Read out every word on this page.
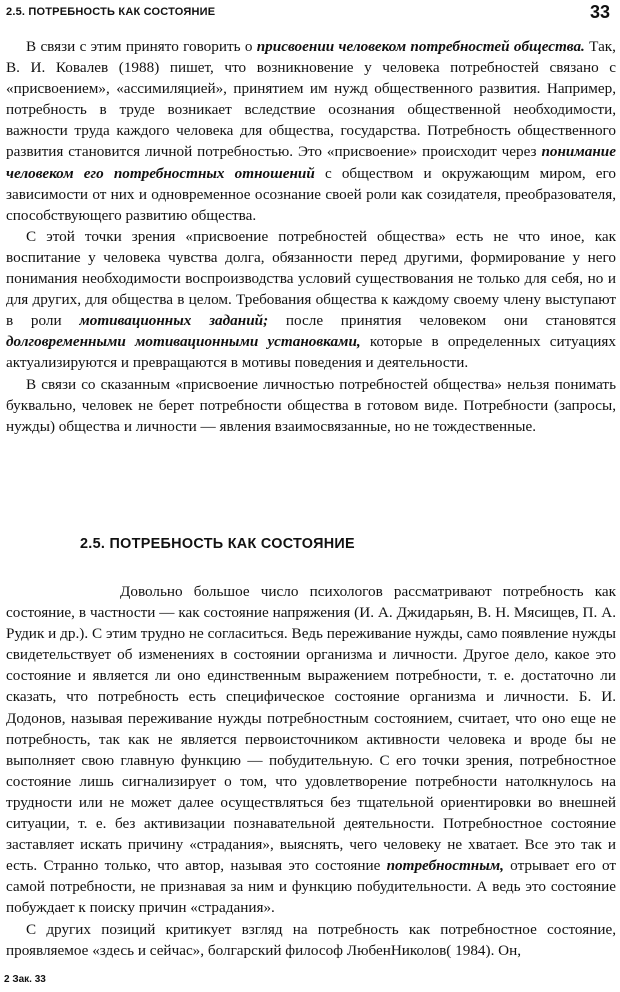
2.5. ПОТРЕБНОСТЬ КАК СОСТОЯНИЕ	33

В связи с этим принято говорить о присвоении человеком потребностей общества. Так, В. И. Ковалев (1988) пишет, что возникновение у человека потребностей связано с «присвоением», «ассимиляцией», принятием им нужд общественного развития. Например, потребность в труде возникает вследствие осознания общественной необходимости, важности труда каждого человека для общества, государства. Потребность общественного развития становится личной потребностью. Это «присвоение» происходит через понимание человеком его потребностных отношений с обществом и окружающим миром, его зависимости от них и одновременное осознание своей роли как созидателя, преобразователя, способствующего развитию общества.

С этой точки зрения «присвоение потребностей общества» есть не что иное, как воспитание у человека чувства долга, обязанности перед другими, формирование у него понимания необходимости воспроизводства условий существования не только для себя, но и для других, для общества в целом. Требования общества к каждому своему члену выступают в роли мотивационных заданий; после принятия человеком они становятся долговременными мотивационными установками, которые в определенных ситуациях актуализируются и превращаются в мотивы поведения и деятельности.

В связи со сказанным «присвоение личностью потребностей общества» нельзя понимать буквально, человек не берет потребности общества в готовом виде. Потребности (запросы, нужды) общества и личности — явления взаимосвязанные, но не тождественные.

2.5. ПОТРЕБНОСТЬ КАК СОСТОЯНИЕ

Довольно большое число психологов рассматривают потребность как состояние, в частности — как состояние напряжения (И. А. Джидарьян, В. Н. Мясищев, П. А. Рудик и др.). С этим трудно не согласиться. Ведь переживание нужды, само появление нужды свидетельствует об изменениях в состоянии организма и личности. Другое дело, какое это состояние и является ли оно единственным выражением потребности, т. е. достаточно ли сказать, что потребность есть специфическое состояние организма и личности. Б. И. Додонов, называя переживание нужды потребностным состоянием, считает, что оно еще не потребность, так как не является первоисточником активности человека и вроде бы не выполняет свою главную функцию — побудительную. С его точки зрения, потребностное состояние лишь сигнализирует о том, что удовлетворение потребности натолкнулось на трудности или не может далее осуществляться без тщательной ориентировки во внешней ситуации, т. е. без активизации познавательной деятельности. Потребностное состояние заставляет искать причину «страдания», выяснять, чего человеку не хватает. Все это так и есть. Странно только, что автор, называя это состояние потребностным, отрывает его от самой потребности, не признавая за ним и функцию побудительности. А ведь это состояние побуждает к поиску причин «страдания».

С других позиций критикует взгляд на потребность как потребностное состояние, проявляемое «здесь и сейчас», болгарский философ ЛюбенНиколов( 1984). Он,

2 Зак. 33
